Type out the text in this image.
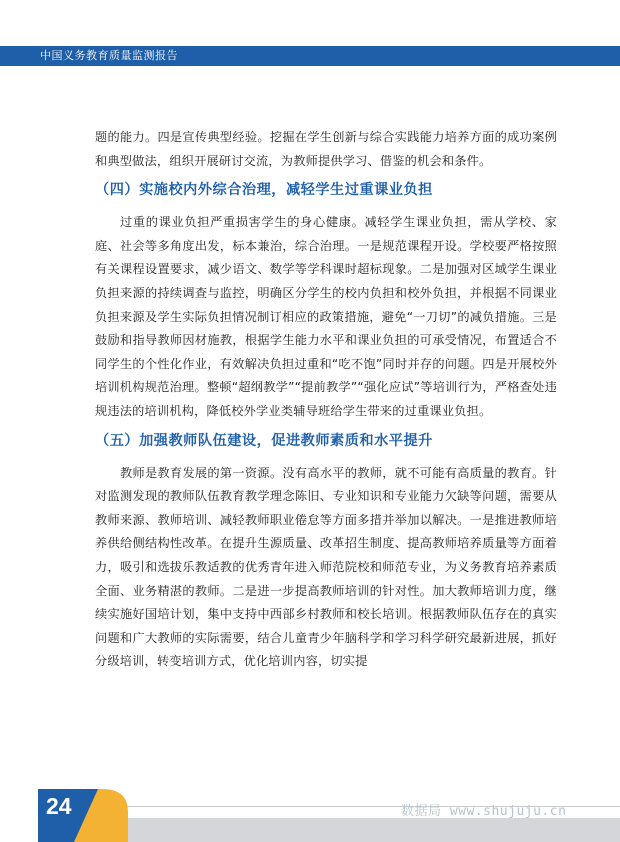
中国义务教育质量监测报告

题的能力。四是宣传典型经验。挖掘在学生创新与综合实践能力培养方面的成功案例和典型做法，组织开展研讨交流，为教师提供学习、借鉴的机会和条件。

（四）实施校内外综合治理，减轻学生过重课业负担

过重的课业负担严重损害学生的身心健康。减轻学生课业负担，需从学校、家庭、社会等多角度出发，标本兼治，综合治理。一是规范课程开设。学校要严格按照有关课程设置要求，减少语文、数学等学科课时超标现象。二是加强对区域学生课业负担来源的持续调查与监控，明确区分学生的校内负担和校外负担，并根据不同课业负担来源及学生实际负担情况制订相应的政策措施，避免“一刀切”的减负措施。三是鼓励和指导教师因材施教，根据学生能力水平和课业负担的可承受情况，布置适合不同学生的个性化作业，有效解决负担过重和“吃不饱”同时并存的问题。四是开展校外培训机构规范治理。整顿“超纲教学”“提前教学”“强化应试”等培训行为，严格查处违规违法的培训机构，降低校外学业类辅导班给学生带来的过重课业负担。

（五）加强教师队伍建设，促进教师素质和水平提升

教师是教育发展的第一资源。没有高水平的教师，就不可能有高质量的教育。针对监测发现的教师队伍教育教学理念陈旧、专业知识和专业能力欠缺等问题，需要从教师来源、教师培训、减轻教师职业倦怠等方面多措并举加以解决。一是推进教师培养供给侧结构性改革。在提升生源质量、改革招生制度、提高教师培养质量等方面着力，吸引和选拔乐教适教的优秀青年进入师范院校和师范专业，为义务教育培养素质全面、业务精湛的教师。二是进一步提高教师培训的针对性。加大教师培训力度，继续实施好国培计划，集中支持中西部乡村教师和校长培训。根据教师队伍存在的真实问题和广大教师的实际需要，结合儿童青少年脑科学和学习科学研究最新进展，抓好分级培训，转变培训方式，优化培训内容，切实提

24	数据局 www.shujuju.cn
